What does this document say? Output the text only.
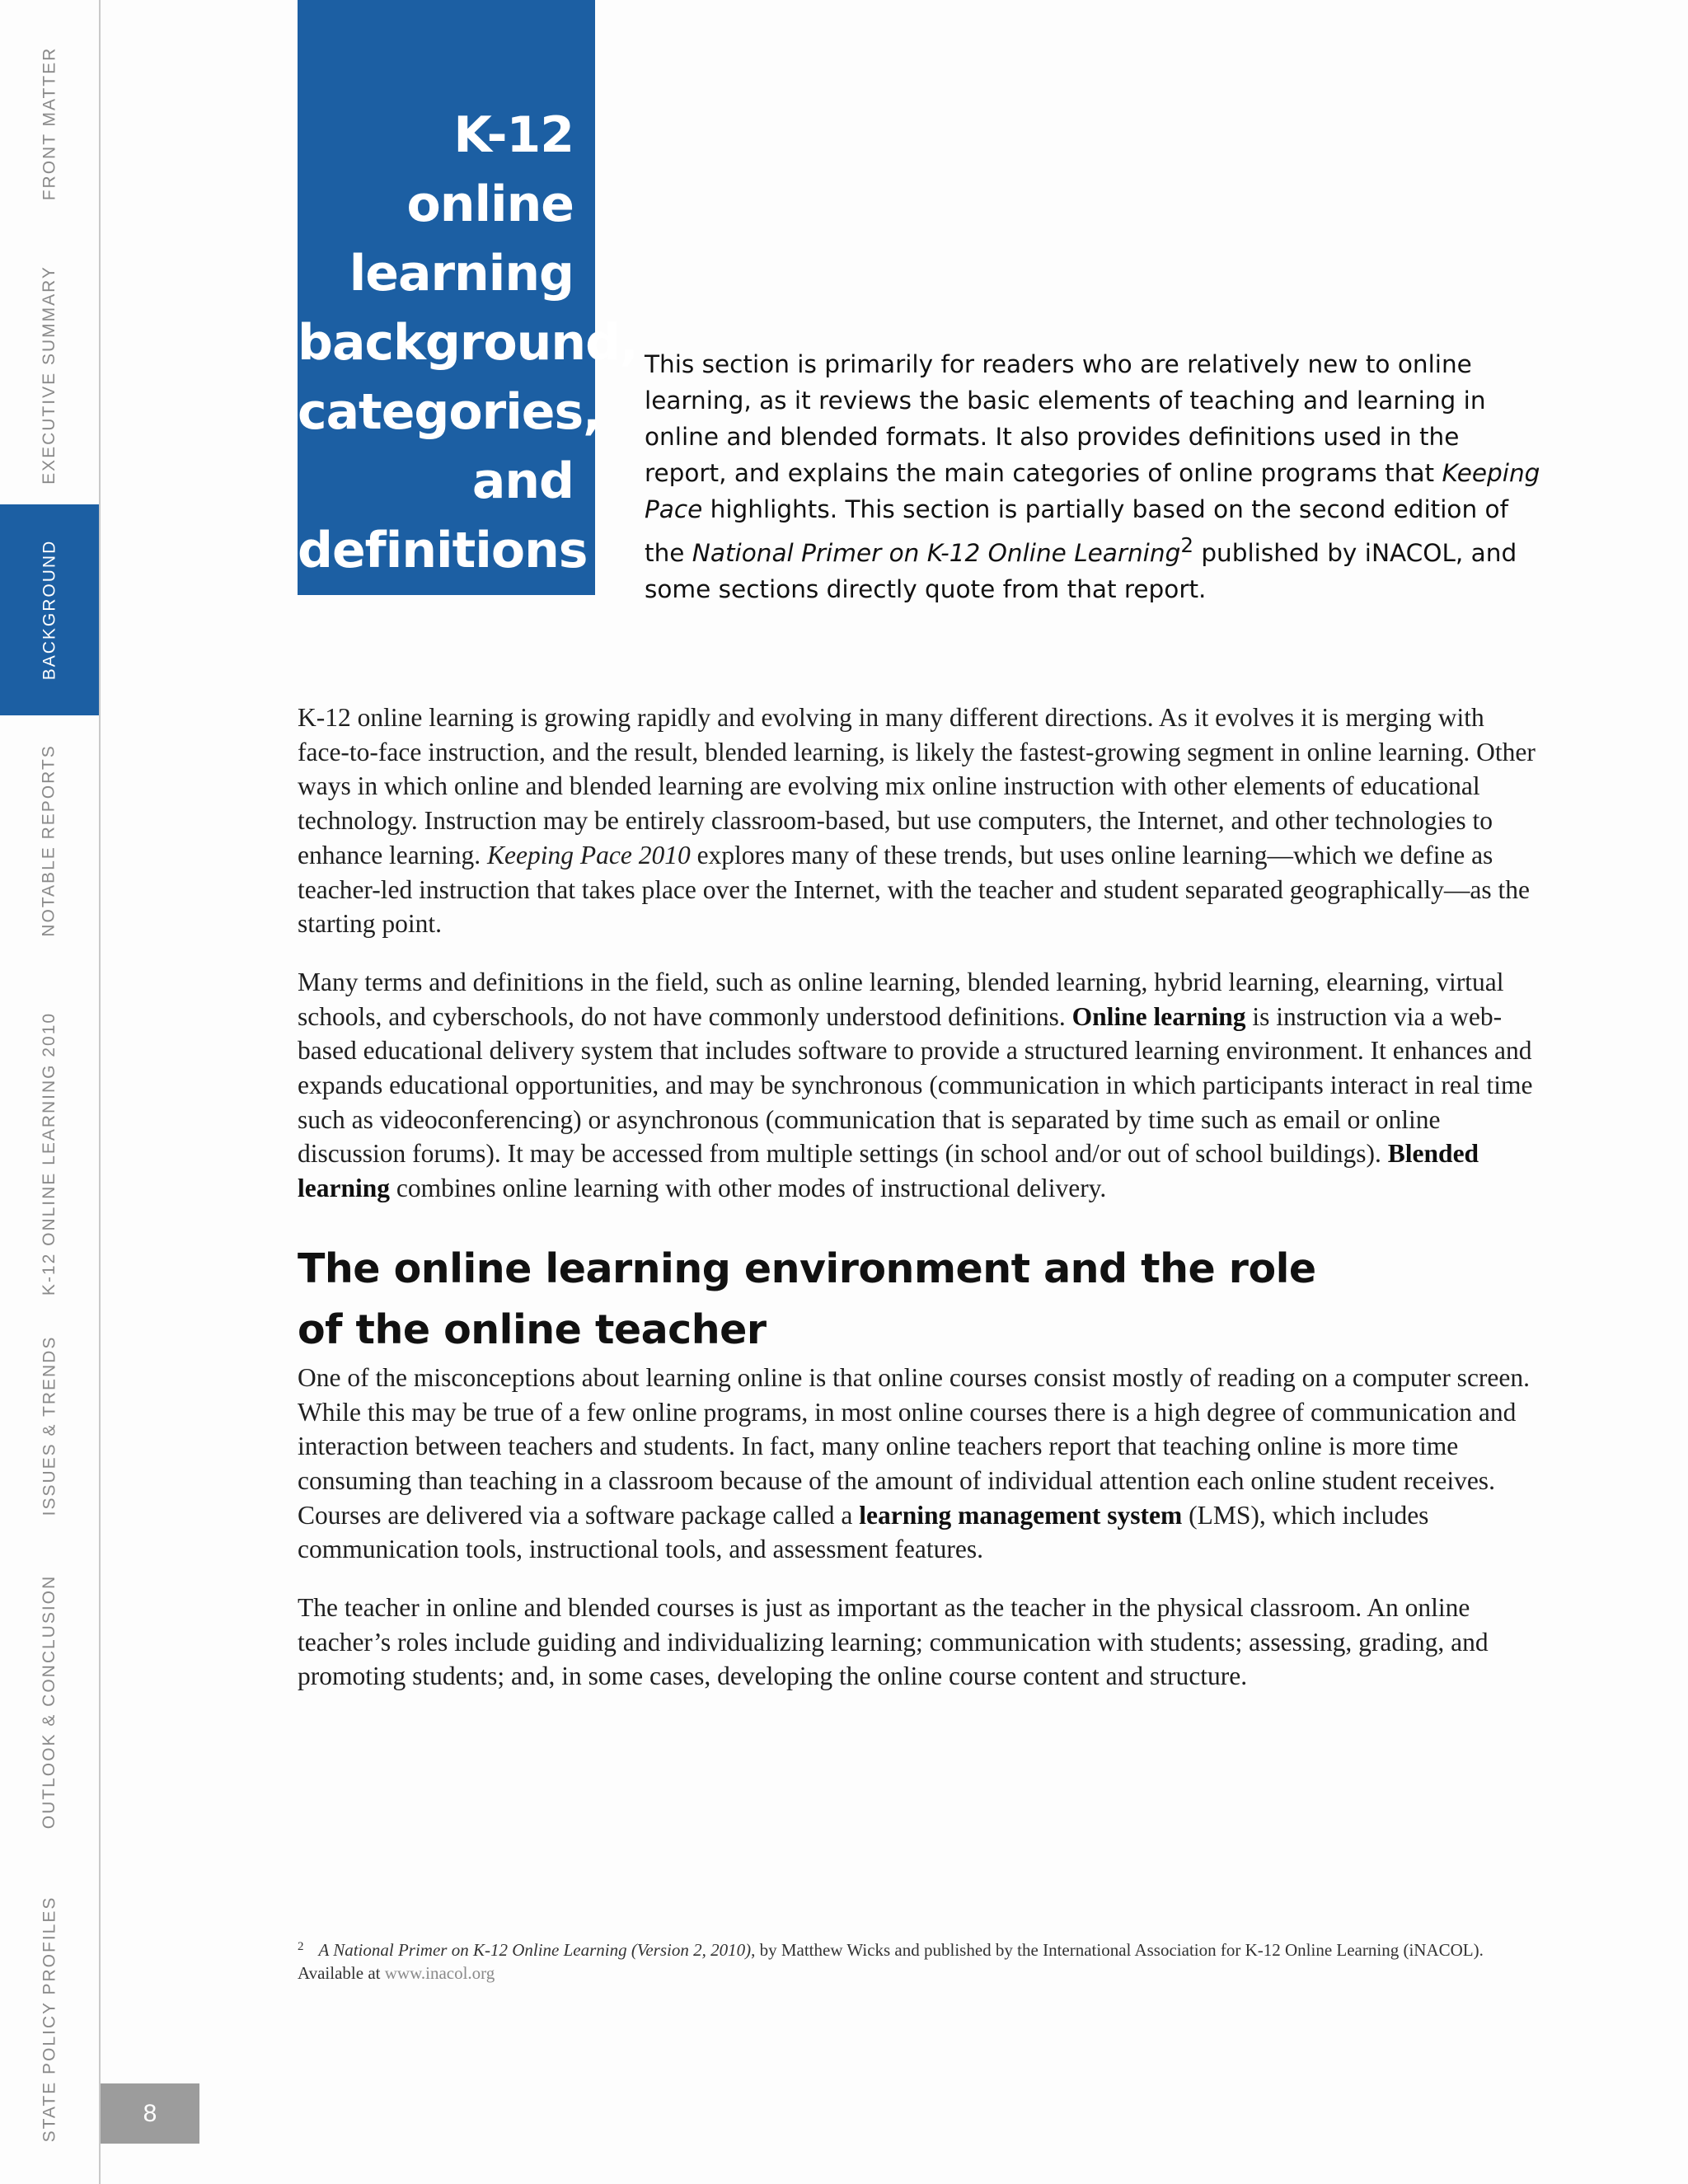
FRONT MATTER
EXECUTIVE SUMMARY
BACKGROUND
NOTABLE REPORTS
K-12 ONLINE LEARNING 2010
ISSUES & TRENDS
OUTLOOK & CONCLUSION
STATE POLICY PROFILES	8
K-12
online
learning
background,
categories,
and
definitions

This section is primarily for readers who are relatively new to online learning, as it reviews the basic elements of teaching and learning in online and blended formats. It also provides definitions used in the report, and explains the main categories of online programs that Keeping Pace highlights. This section is partially based on the second edition of the National Primer on K-12 Online Learning$^2$ published by iNACOL, and some sections directly quote from that report.

K-12 online learning is growing rapidly and evolving in many different directions. As it evolves it is merging with face-to-face instruction, and the result, blended learning, is likely the fastest-growing segment in online learning. Other ways in which online and blended learning are evolving mix online instruction with other elements of educational technology. Instruction may be entirely classroom-based, but use computers, the Internet, and other technologies to enhance learning. Keeping Pace 2010 explores many of these trends, but uses online learning—which we define as teacher-led instruction that takes place over the Internet, with the teacher and student separated geographically—as the starting point.

Many terms and definitions in the field, such as online learning, blended learning, hybrid learning, elearning, virtual schools, and cyberschools, do not have commonly understood definitions. Online learning is instruction via a web-based educational delivery system that includes software to provide a structured learning environment. It enhances and expands educational opportunities, and may be synchronous (communication in which participants interact in real time such as videoconferencing) or asynchronous (communication that is separated by time such as email or online discussion forums). It may be accessed from multiple settings (in school and/or out of school buildings). Blended learning combines online learning with other modes of instructional delivery.

The online learning environment and the role
of the online teacher

One of the misconceptions about learning online is that online courses consist mostly of reading on a computer screen. While this may be true of a few online programs, in most online courses there is a high degree of communication and interaction between teachers and students. In fact, many online teachers report that teaching online is more time consuming than teaching in a classroom because of the amount of individual attention each online student receives. Courses are delivered via a software package called a learning management system (LMS), which includes communication tools, instructional tools, and assessment features.

The teacher in online and blended courses is just as important as the teacher in the physical classroom. An online teacher’s roles include guiding and individualizing learning; communication with students; assessing, grading, and promoting students; and, in some cases, developing the online course content and structure.

$^2$ A National Primer on K-12 Online Learning (Version 2, 2010), by Matthew Wicks and published by the International Association for K-12 Online Learning (iNACOL). Available at www.inacol.org
